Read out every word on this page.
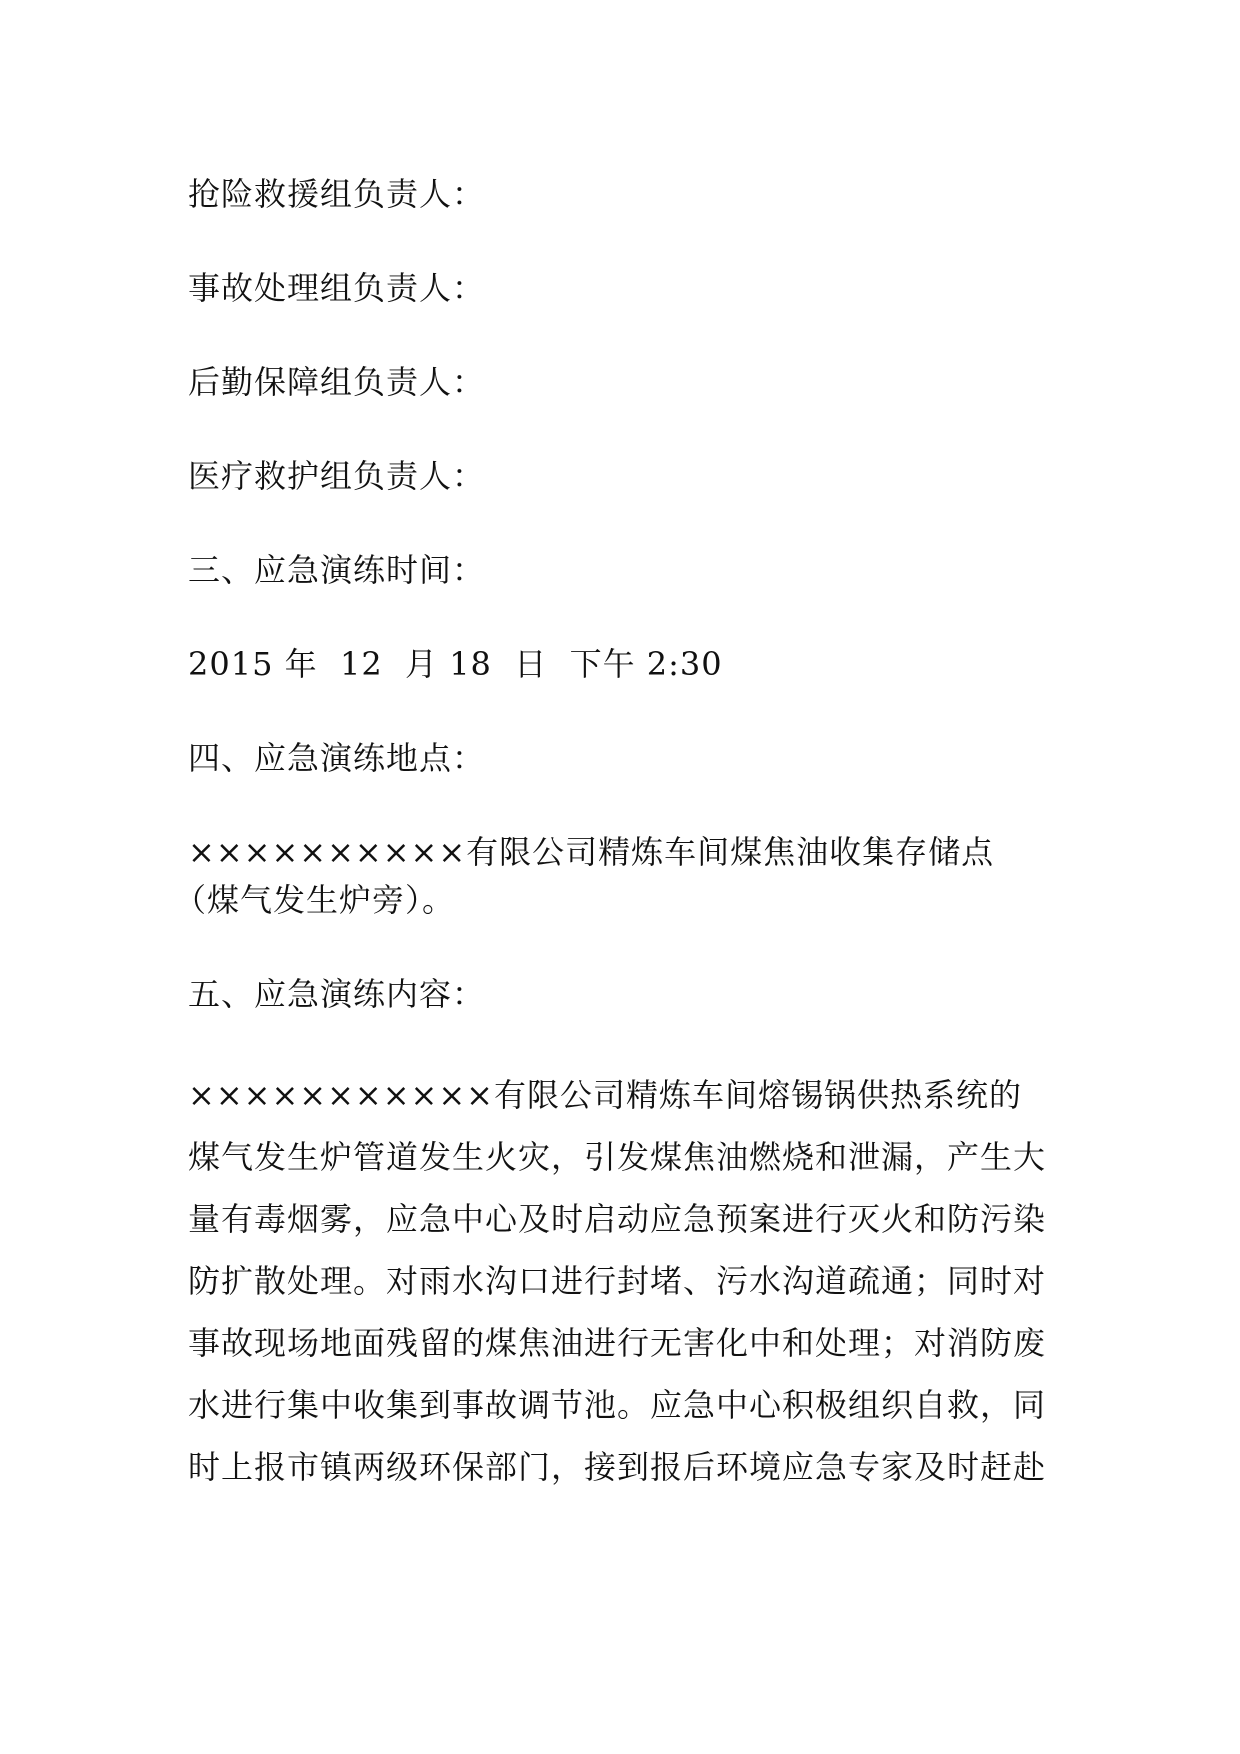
抢险救援组负责人：

事故处理组负责人：

后勤保障组负责人：

医疗救护组负责人：

三、应急演练时间：

2015 年  12  月 18  日  下午 2:30

四、应急演练地点：

××××××××××有限公司精炼车间煤焦油收集存储点
（煤气发生炉旁）。

五、应急演练内容：

×××××××××××有限公司精炼车间熔锡锅供热系统的
煤气发生炉管道发生火灾，引发煤焦油燃烧和泄漏，产生大
量有毒烟雾，应急中心及时启动应急预案进行灭火和防污染
防扩散处理。对雨水沟口进行封堵、污水沟道疏通；同时对
事故现场地面残留的煤焦油进行无害化中和处理；对消防废
水进行集中收集到事故调节池。应急中心积极组织自救，同
时上报市镇两级环保部门，接到报后环境应急专家及时赶赴
